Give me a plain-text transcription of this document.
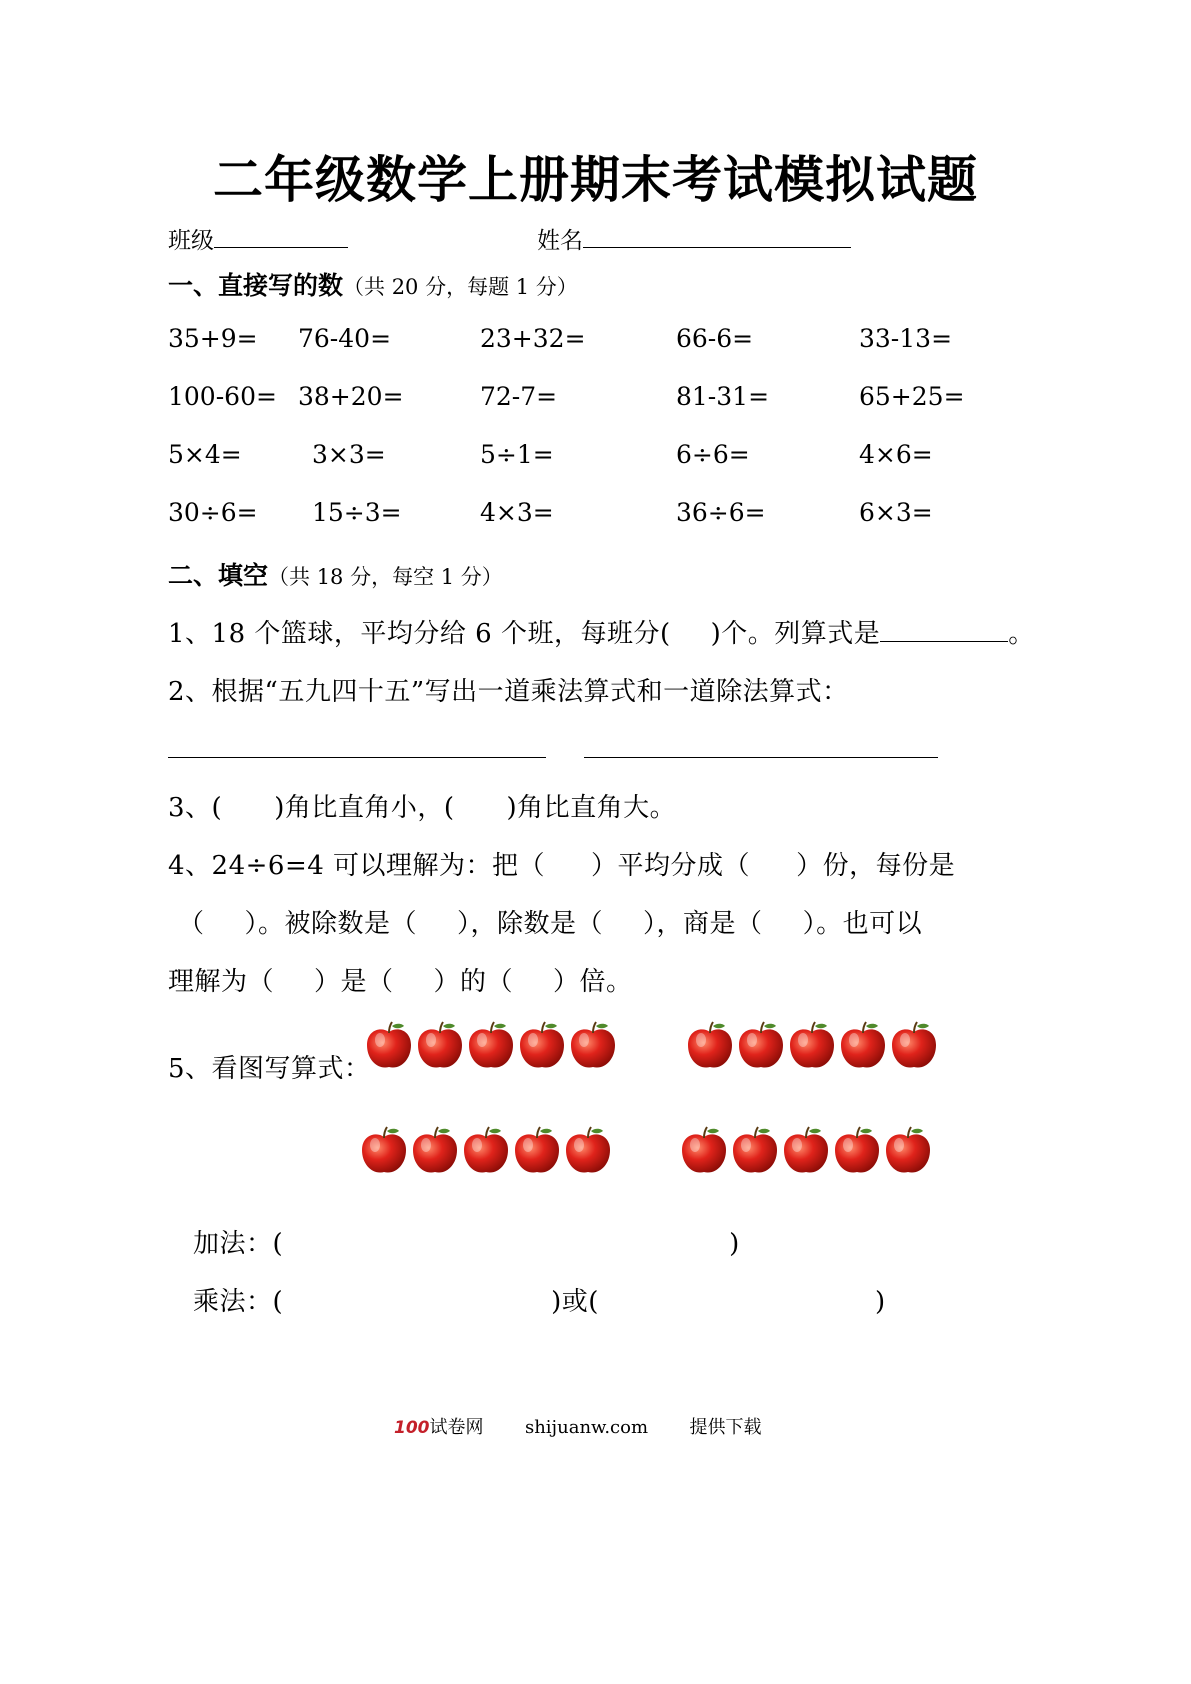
二年级数学上册期末考试模拟试题
班级	姓名
一、直接写的数（共 20 分，每题 1 分）
35+9= 76-40=	23+32=	66-6=	33-13=
100-60= 38+20=	72-7=	81-31=	65+25=
5×4=	3×3=	5÷1=	6÷6=	4×6=
30÷6= 15÷3=	4×3=	36÷6=	6×3=
二、填空（共 18 分，每空 1 分）
1、18 个篮球，平均分给 6 个班，每班分( )个。列算式是	。
2、根据“五九四十五”写出一道乘法算式和一道除法算式：
3、( )角比直角小，( )角比直角大。
4、24÷6=4 可以理解为：把（ ）平均分成（ ）份，每份是
（ ）。被除数是（ ），除数是（ ），商是（ ）。也可以
理解为（ ）是（ ）的（ ）倍。
5、看图写算式：
加法：(	)
乘法：(	)或(	)
100试卷网 shijuanw.com 提供下载
